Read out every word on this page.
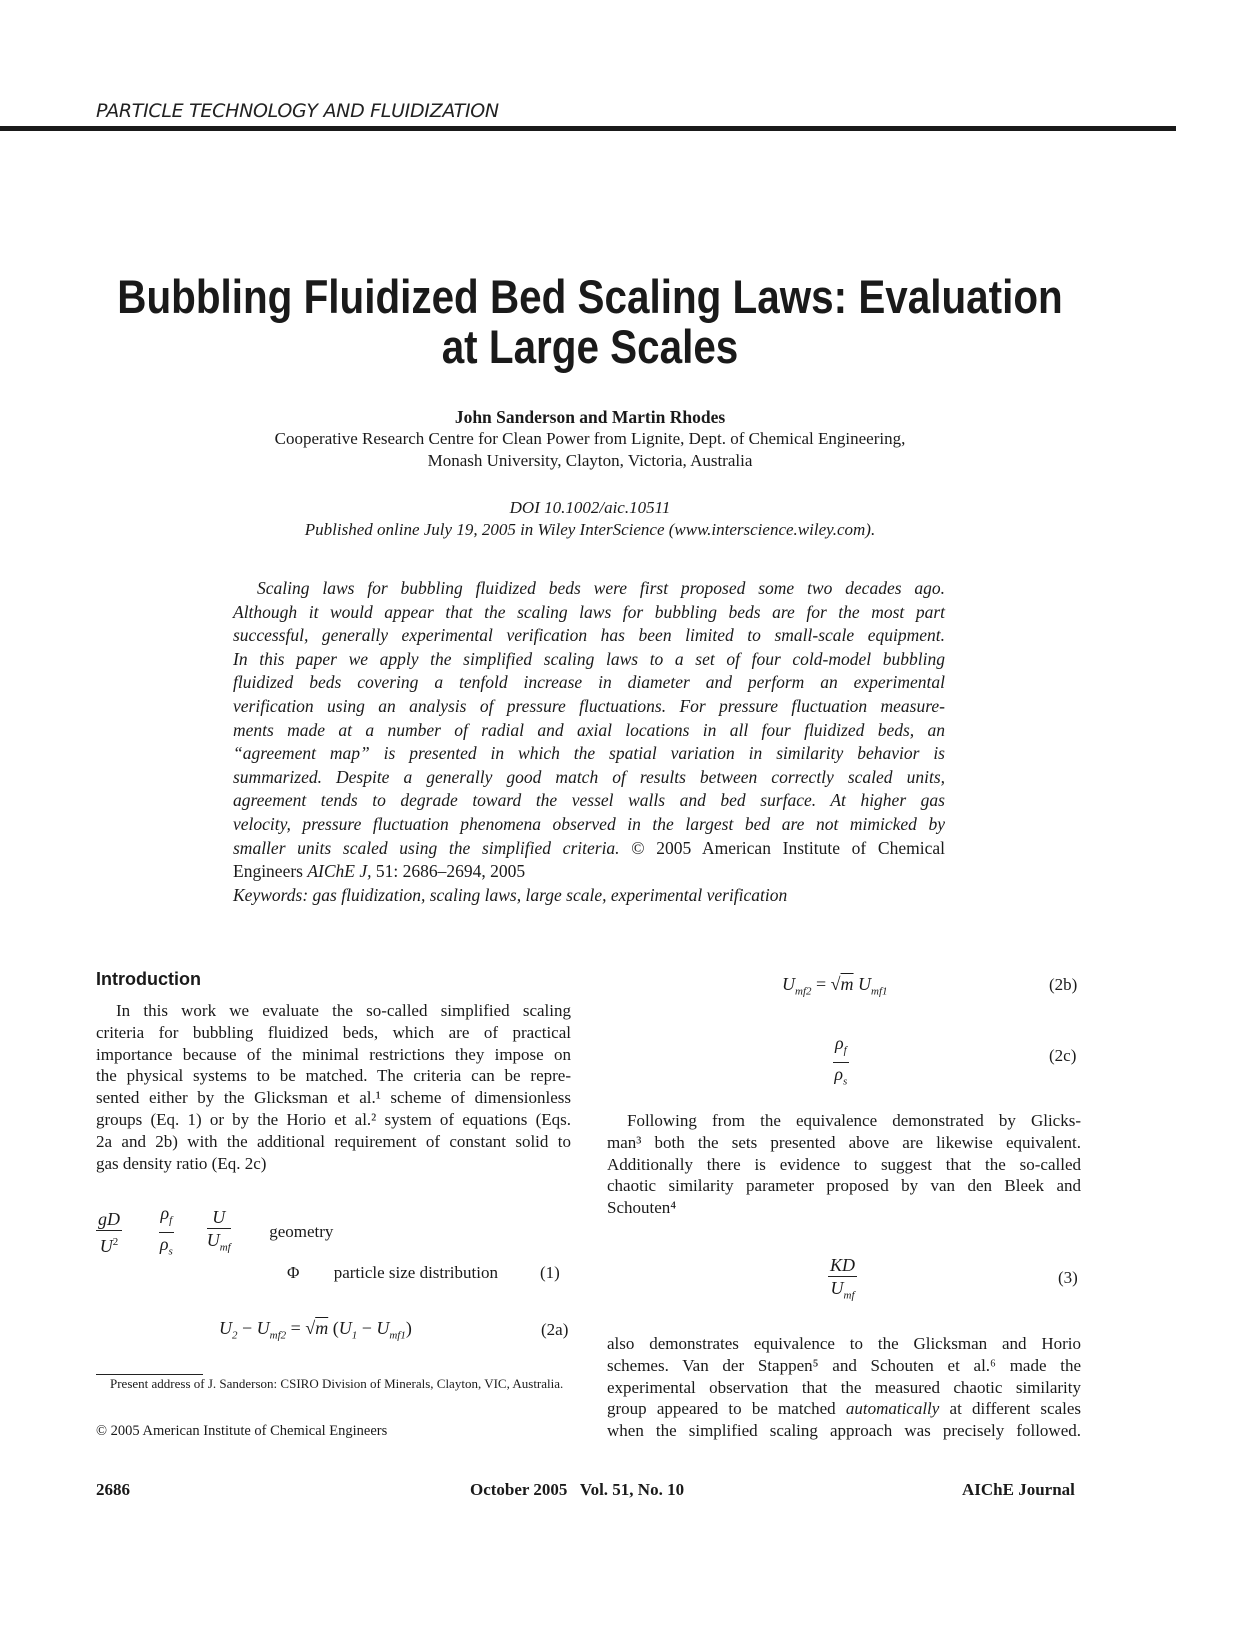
PARTICLE TECHNOLOGY AND FLUIDIZATION
Bubbling Fluidized Bed Scaling Laws: Evaluation
at Large Scales
John Sanderson and Martin Rhodes
Cooperative Research Centre for Clean Power from Lignite, Dept. of Chemical Engineering,
Monash University, Clayton, Victoria, Australia
DOI 10.1002/aic.10511
Published online July 19, 2005 in Wiley InterScience (www.interscience.wiley.com).
Scaling laws for bubbling fluidized beds were first proposed some two decades ago.
Although it would appear that the scaling laws for bubbling beds are for the most part
successful, generally experimental verification has been limited to small-scale equipment.
In this paper we apply the simplified scaling laws to a set of four cold-model bubbling
fluidized beds covering a tenfold increase in diameter and perform an experimental
verification using an analysis of pressure fluctuations. For pressure fluctuation measure-
ments made at a number of radial and axial locations in all four fluidized beds, an
“agreement map” is presented in which the spatial variation in similarity behavior is
summarized. Despite a generally good match of results between correctly scaled units,
agreement tends to degrade toward the vessel walls and bed surface. At higher gas
velocity, pressure fluctuation phenomena observed in the largest bed are not mimicked by
smaller units scaled using the simplified criteria. © 2005 American Institute of Chemical
Engineers AIChE J, 51: 2686–2694, 2005
Keywords: gas fluidization, scaling laws, large scale, experimental verification
Introduction
In this work we evaluate the so-called simplified scaling
criteria for bubbling fluidized beds, which are of practical
importance because of the minimal restrictions they impose on
the physical systems to be matched. The criteria can be repre-
sented either by the Glicksman et al.¹ scheme of dimensionless
groups (Eq. 1) or by the Horio et al.² system of equations (Eqs.
2a and 2b) with the additional requirement of constant solid to
gas density ratio (Eq. 2c)
$\frac{gD}{U^2}$
$\frac{\rho_f}{\rho_s}$
$\frac{U}{U_{mf}}$ geometry
Φ particle size distribution (1)
$U_2 - U_{mf2} = √m$ $(U_1 - U_{mf1})$	(2a)
Present address of J. Sanderson: CSIRO Division of Minerals, Clayton, VIC, Australia.
© 2005 American Institute of Chemical Engineers
$U_{mf2} = √m$ $U_{mf1}$	(2b)
$\frac{\rho_f}{\rho_s}$	(2c)
Following from the equivalence demonstrated by Glicks-
man³ both the sets presented above are likewise equivalent.
Additionally there is evidence to suggest that the so-called
chaotic similarity parameter proposed by van den Bleek and
Schouten⁴
$\frac{KD}{U_{mf}}$	(3)
also demonstrates equivalence to the Glicksman and Horio
schemes. Van der Stappen⁵ and Schouten et al.⁶ made the
experimental observation that the measured chaotic similarity
group appeared to be matched automatically at different scales
when the simplified scaling approach was precisely followed.
2686	October 2005   Vol. 51, No. 10	AIChE Journal
